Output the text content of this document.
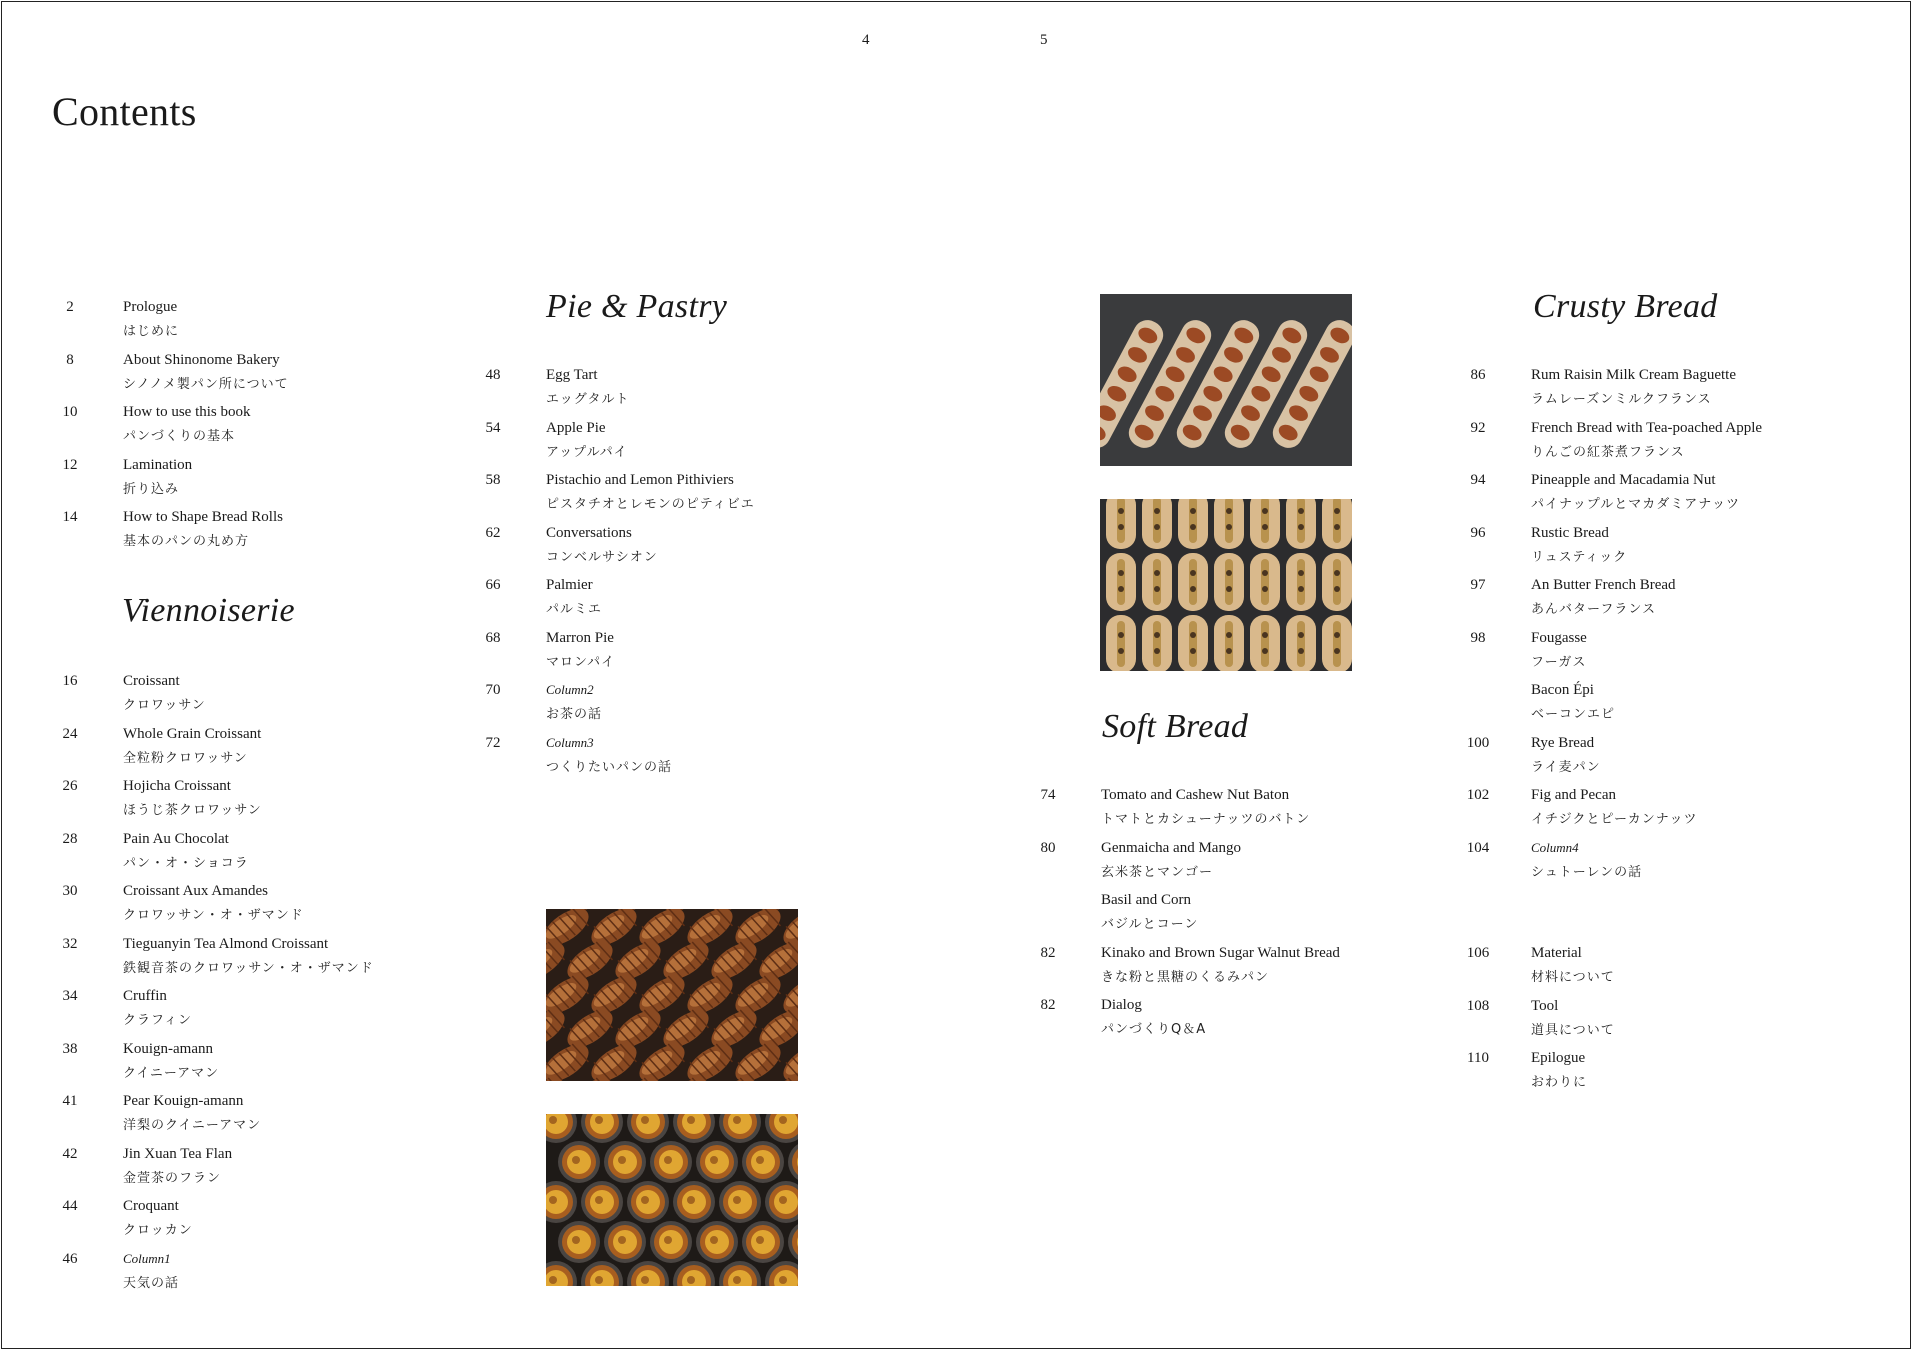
4	5
Contents
2	Prologue
はじめに
8	About Shinonome Bakery
シノノメ製パン所について
10	How to use this book
パンづくりの基本
12	Lamination
折り込み
14	How to Shape Bread Rolls
基本のパンの丸め方
Viennoiserie
16	Croissant
クロワッサン
24	Whole Grain Croissant
全粒粉クロワッサン
26	Hojicha Croissant
ほうじ茶クロワッサン
28	Pain Au Chocolat
パン・オ・ショコラ
30	Croissant Aux Amandes
クロワッサン・オ・ザマンド
32	Tieguanyin Tea Almond Croissant
鉄観音茶のクロワッサン・オ・ザマンド
34	Cruffin
クラフィン
38	Kouign-amann
クイニーアマン
41	Pear Kouign-amann
洋梨のクイニーアマン
42	Jin Xuan Tea Flan
金萱茶のフラン
44	Croquant
クロッカン
46	Column1
天気の話
Pie & Pastry
48	Egg Tart
エッグタルト
54	Apple Pie
アップルパイ
58	Pistachio and Lemon Pithiviers
ピスタチオとレモンのピティビエ
62	Conversations
コンベルサシオン
66	Palmier
パルミエ
68	Marron Pie
マロンパイ
70	Column2
お茶の話
72	Column3
つくりたいパンの話
Soft Bread
74	Tomato and Cashew Nut Baton
トマトとカシューナッツのバトン
80	Genmaicha and Mango
玄米茶とマンゴー
Basil and Corn
バジルとコーン
82	Kinako and Brown Sugar Walnut Bread
きな粉と黒糖のくるみパン
82	Dialog
パンづくりQ＆A
Crusty Bread
86	Rum Raisin Milk Cream Baguette
ラムレーズンミルクフランス
92	French Bread with Tea-poached Apple
りんごの紅茶煮フランス
94	Pineapple and Macadamia Nut
パイナップルとマカダミアナッツ
96	Rustic Bread
リュスティック
97	An Butter French Bread
あんバターフランス
98	Fougasse
フーガス
Bacon Épi
ベーコンエピ
100	Rye Bread
ライ麦パン
102	Fig and Pecan
イチジクとピーカンナッツ
104	Column4
シュトーレンの話
106	Material
材料について
108	Tool
道具について
110	Epilogue
おわりに
